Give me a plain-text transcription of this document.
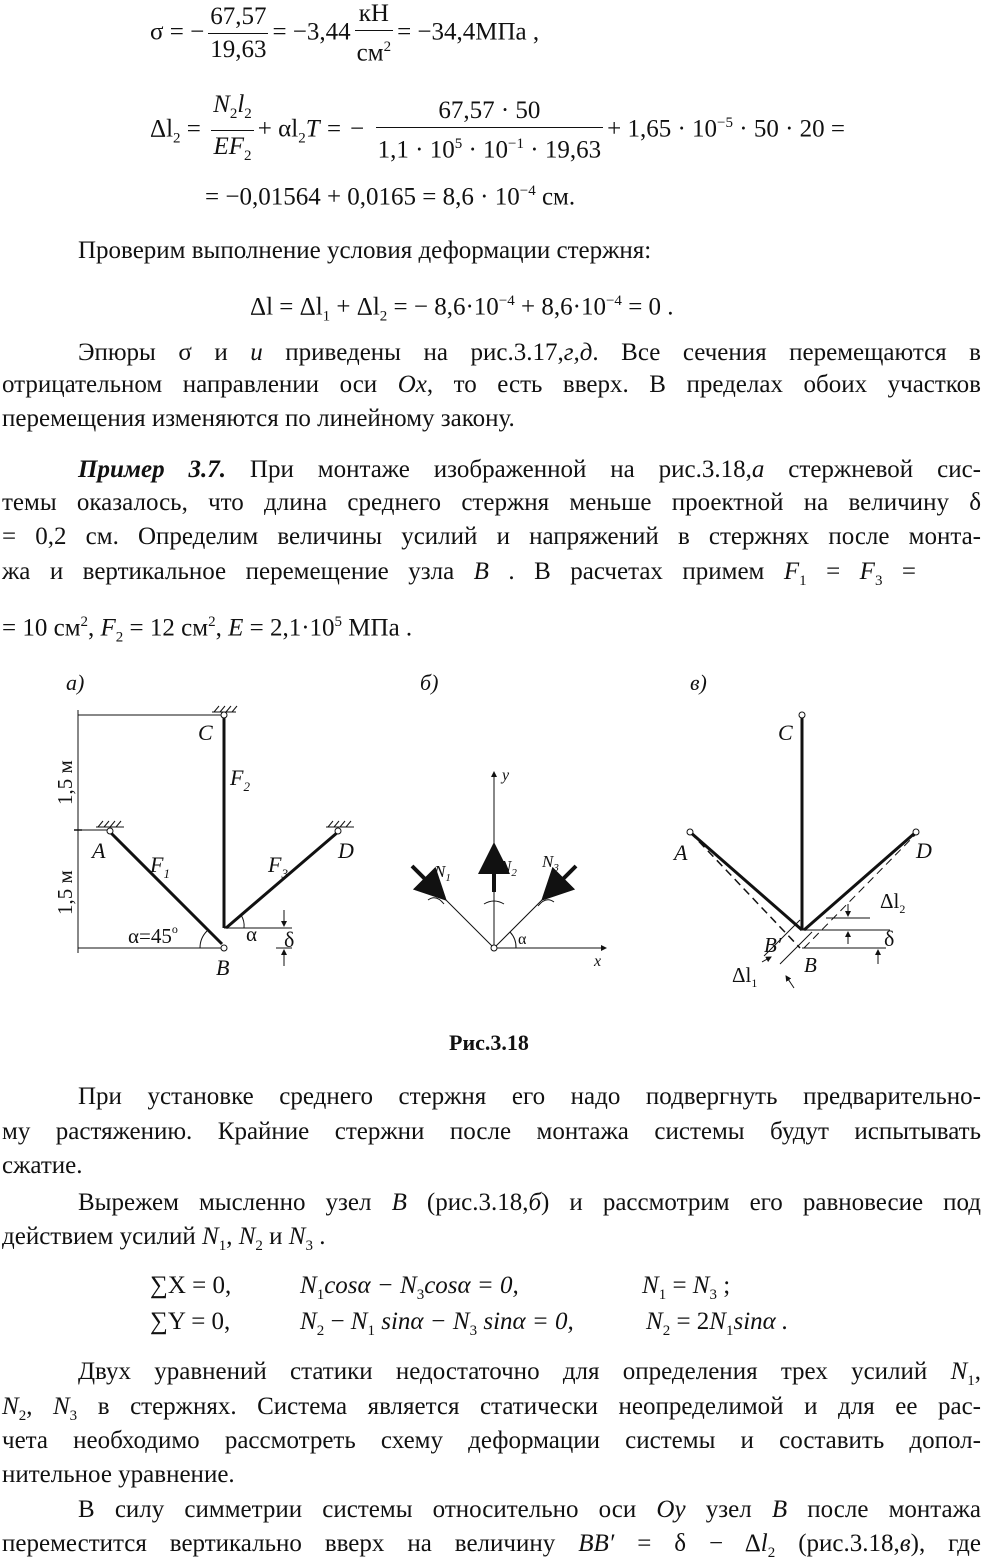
σ = − $\frac{67,57}{19,63} = -3,44 \frac{кН}{см^2} = -34,4МПа$ ,
$\Delta l_2 = \frac{N_2l_2}{EF_2} + \alpha l_2T$ = − $\frac{67,57 \cdot 50}{1,1 \cdot 10^5 \cdot 10^{-1} \cdot 19,63} + 1,65 \cdot 10^{-5} \cdot 50 \cdot 20$ =
= $-0,01564 + 0,0165 = 8,6 \cdot 10^{-4}$ см.
Проверим выполнение условия деформации стержня:
$\Delta l = \Delta l_1 + \Delta l_2$ = − $8,6\cdot 10^{-4} + 8,6\cdot 10^{-4} = 0$ .
Эпюры σ и u приведены на рис.3.17,г,д. Все сечения перемещаются в
отрицательном направлении оси Ox, то есть вверх. В пределах обоих участков
перемещения изменяются по линейному закону.
Пример 3.7. При монтаже изображенной на рис.3.18,а стержневой сис-
темы оказалось, что длина среднего стержня меньше проектной на величину δ
= 0,2 см. Определим величины усилий и напряжений в стержнях после монта-
жа и вертикальное перемещение узла B . В расчетах примем $F_1 = F_3$ =
= 10 $см^2$, $F_2 = 12$ $см^2$, $E = 2,1\cdot 10^5$ МПа .
а)
1,5 м
1,5 м
C
A	D
B
$F_1$
$F_2$
$F_3$
$\alpha=45^o$	α δ
б)
y
x
$N_1$
$N_2$
$N_3$
α
в)
C
A	D
B′
B
$\Delta l_2$
δ
$\Delta l_1$
Рис.3.18
При установке среднего стержня его надо подвергнуть предварительно-
му растяжению. Крайние стержни после монтажа системы будут испытывать
сжатие.
Вырежем мысленно узел B (рис.3.18,б) и рассмотрим его равновесие под
действием усилий $N_1$, $N_2$ и $N_3$ .
∑X = 0,	$N_1\cos\alpha - N_3\cos\alpha = 0$,	$N_1 = N_3$ ;
∑Y = 0,	$N_2 - N_1$ $\sin\alpha - N_3$ sinα = 0,	$N_2 = 2N_1\sin\alpha$ .
Двух уравнений статики недостаточно для определения трех усилий $N_1$,
$N_2$, $N_3$ в стержнях. Система является статически неопределимой и для ее рас-
чета необходимо рассмотреть схему деформации системы и составить допол-
нительное уравнение.
В силу симметрии системы относительно оси Oy узел B после монтажа
переместится вертикально вверх на величину $BB' = \delta - \Delta l_2$ (рис.3.18,в), где
